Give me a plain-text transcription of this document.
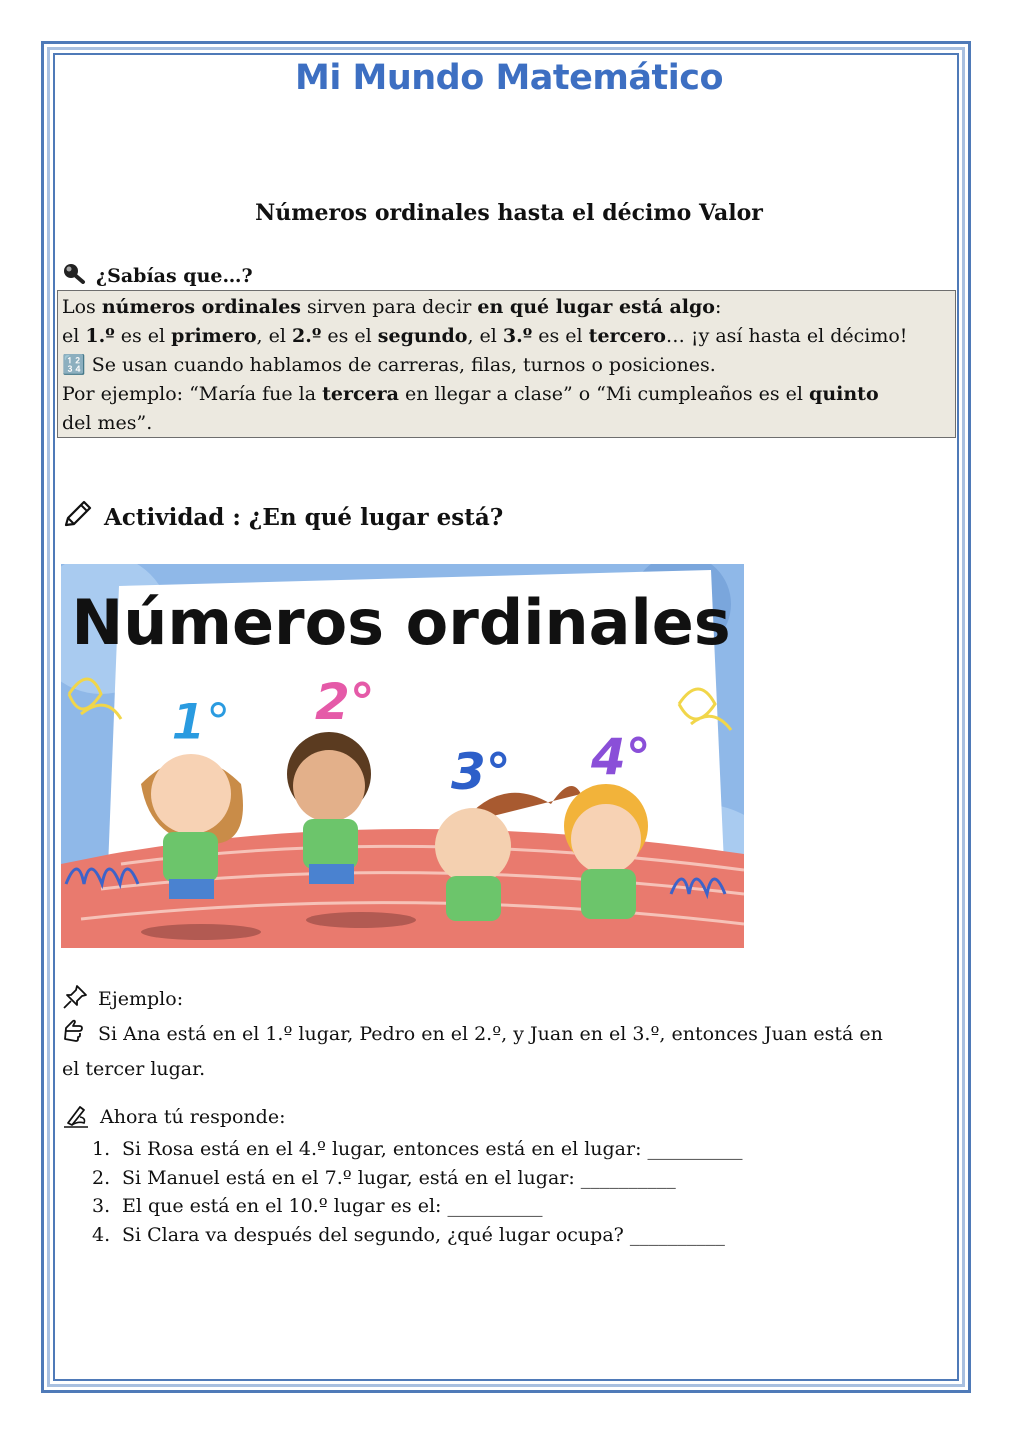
Mi Mundo Matemático
Números ordinales hasta el décimo Valor
¿Sabías que…?
Los números ordinales sirven para decir en qué lugar está algo:
el 1.º es el primero, el 2.º es el segundo, el 3.º es el tercero… ¡y así hasta el décimo!
🔢 Se usan cuando hablamos de carreras, filas, turnos o posiciones.
Por ejemplo: “María fue la tercera en llegar a clase” o “Mi cumpleaños es el quinto
del mes”.
Actividad : ¿En qué lugar está?
Números ordinales
1° 2°
3° 4°
Ejemplo:
Si Ana está en el 1.º lugar, Pedro en el 2.º, y Juan en el 3.º, entonces Juan está en
el tercer lugar.
Ahora tú responde:
1. Si Rosa está en el 4.º lugar, entonces está en el lugar: __________
2. Si Manuel está en el 7.º lugar, está en el lugar: __________
3. El que está en el 10.º lugar es el: __________
4. Si Clara va después del segundo, ¿qué lugar ocupa? __________
